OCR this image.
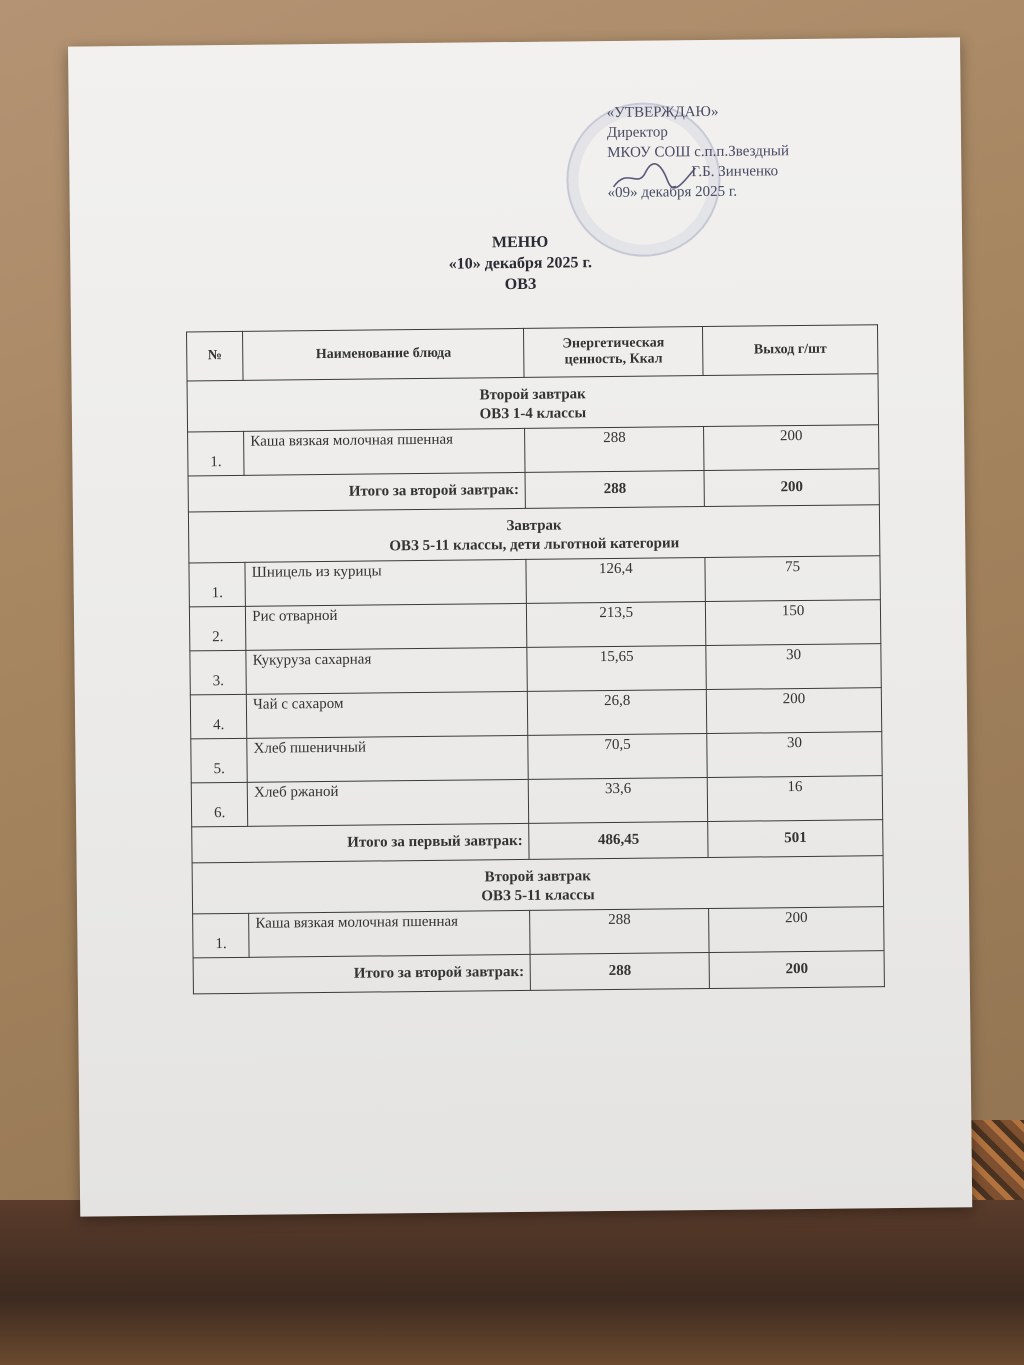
«УТВЕРЖДАЮ»
Директор
МКОУ СОШ с.п.п.Звездный
Г.Б. Зинченко
«09» декабря 2025 г.
МЕНЮ
«10» декабря 2025 г.
ОВЗ
№	Наименование блюда	Энергетическая ценность, Ккал	Выход г/шт

Второй завтрак
ОВЗ 1-4 классы			

1.	Каша вязкая молочная пшенная	288	200
Итого за второй завтрак:		288	200

Завтрак
ОВЗ 5-11 классы, дети льготной категории			

1.	Шницель из курицы	126,4	75
2.	Рис отварной	213,5	150
3.	Кукуруза сахарная	15,65	30
4.	Чай с сахаром	26,8	200
5.	Хлеб пшеничный	70,5	30
6.	Хлеб ржаной	33,6	16
Итого за первый завтрак:		486,45	501

Второй завтрак
ОВЗ 5-11 классы			

1.	Каша вязкая молочная пшенная	288	200
Итого за второй завтрак:		288	200
